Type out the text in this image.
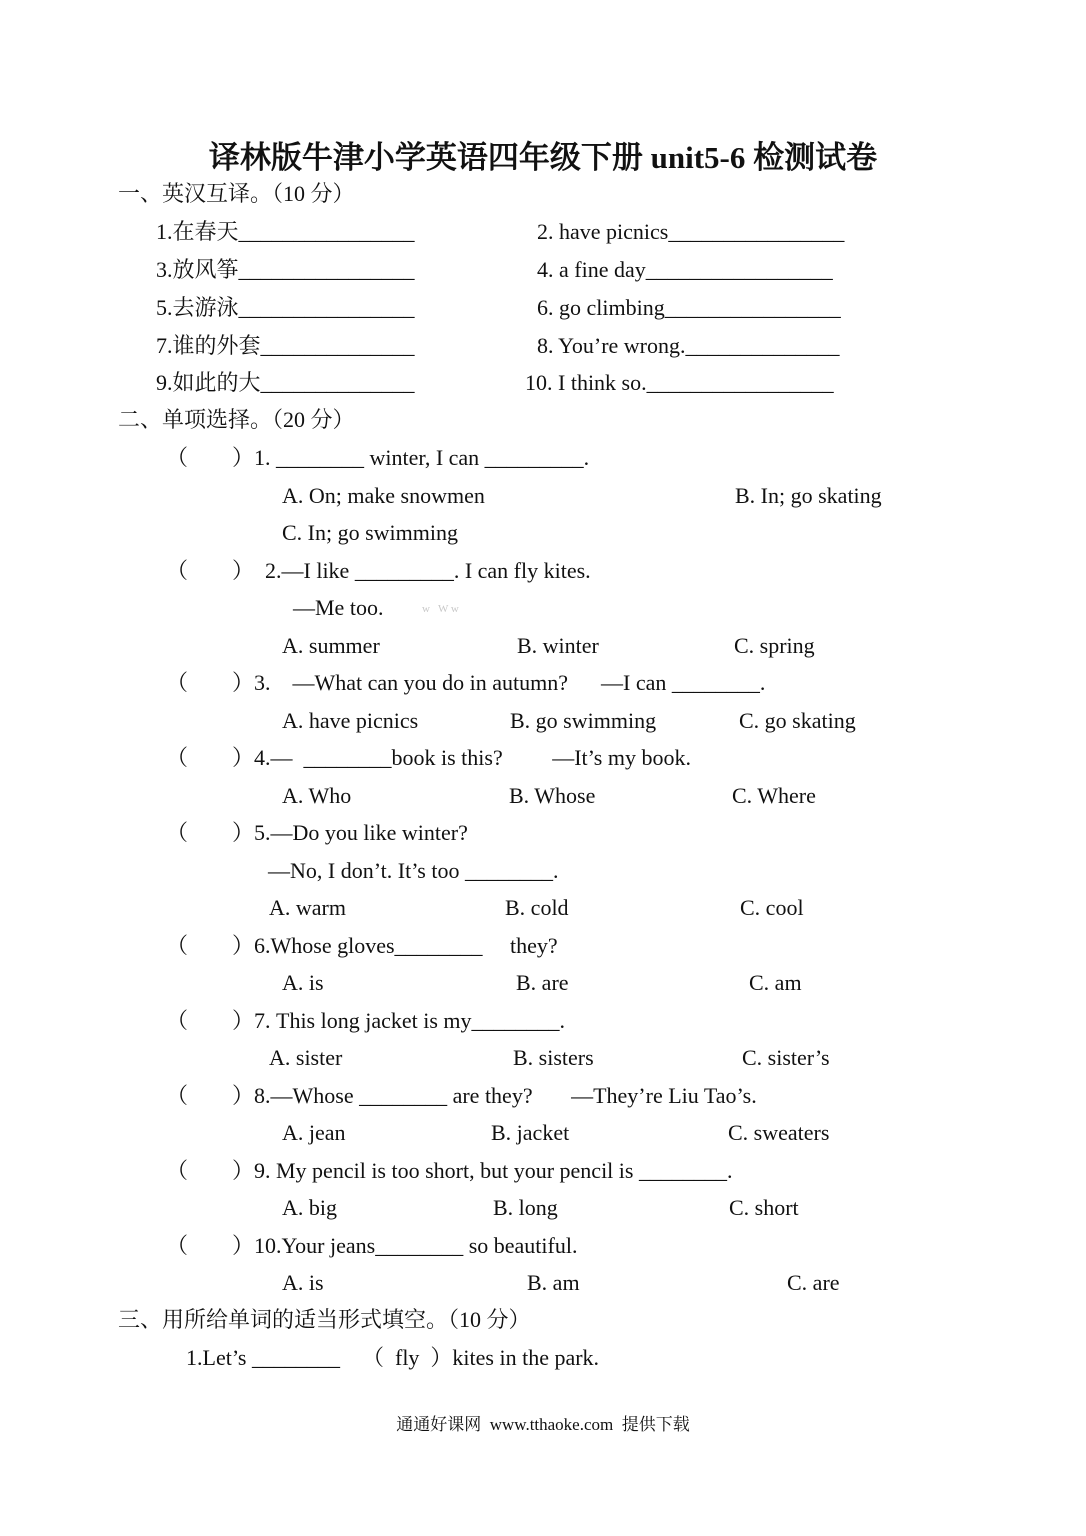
译林版牛津小学英语四年级下册 unit5-6 检测试卷
一、英汉互译。（10 分）
1.在春天________________	2. have picnics________________
3.放风筝________________	4. a fine day_________________
5.去游泳________________	6. go climbing________________
7.谁的外套______________	8. You’re wrong.______________
9.如此的大______________	10. I think so._________________
二、单项选择。（20 分）
（        ）1. ________ winter, I can _________.
A. On; make snowmen	B. In; go skating
C. In; go swimming
（        ）  2.—I like _________. I can fly kites.
—Me too.	w   W w
A. summer	B. winter	C. spring
（        ）3.    —What can you do in autumn?      —I can ________.
A. have picnics	B. go swimming	C. go skating
（        ）4.—  ________book is this?         —It’s my book.
A. Who	B. Whose	C. Where
（        ）5.—Do you like winter?
—No, I don’t. It’s too ________.
A. warm	B. cold	C. cool
（        ）6.Whose gloves________     they?
A. is	B. are	C. am
（        ）7. This long jacket is my________.
A. sister	B. sisters	C. sister’s
（        ）8.—Whose ________ are they?       —They’re Liu Tao’s.
A. jean	B. jacket	C. sweaters
（        ）9. My pencil is too short, but your pencil is ________.
A. big	B. long	C. short
（        ）10.Your jeans________ so beautiful.
A. is	B. am	C. are
三、用所给单词的适当形式填空。（10 分）
1.Let’s ________    （  fly  ）kites in the park.
通通好课网  www.tthaoke.com  提供下载
